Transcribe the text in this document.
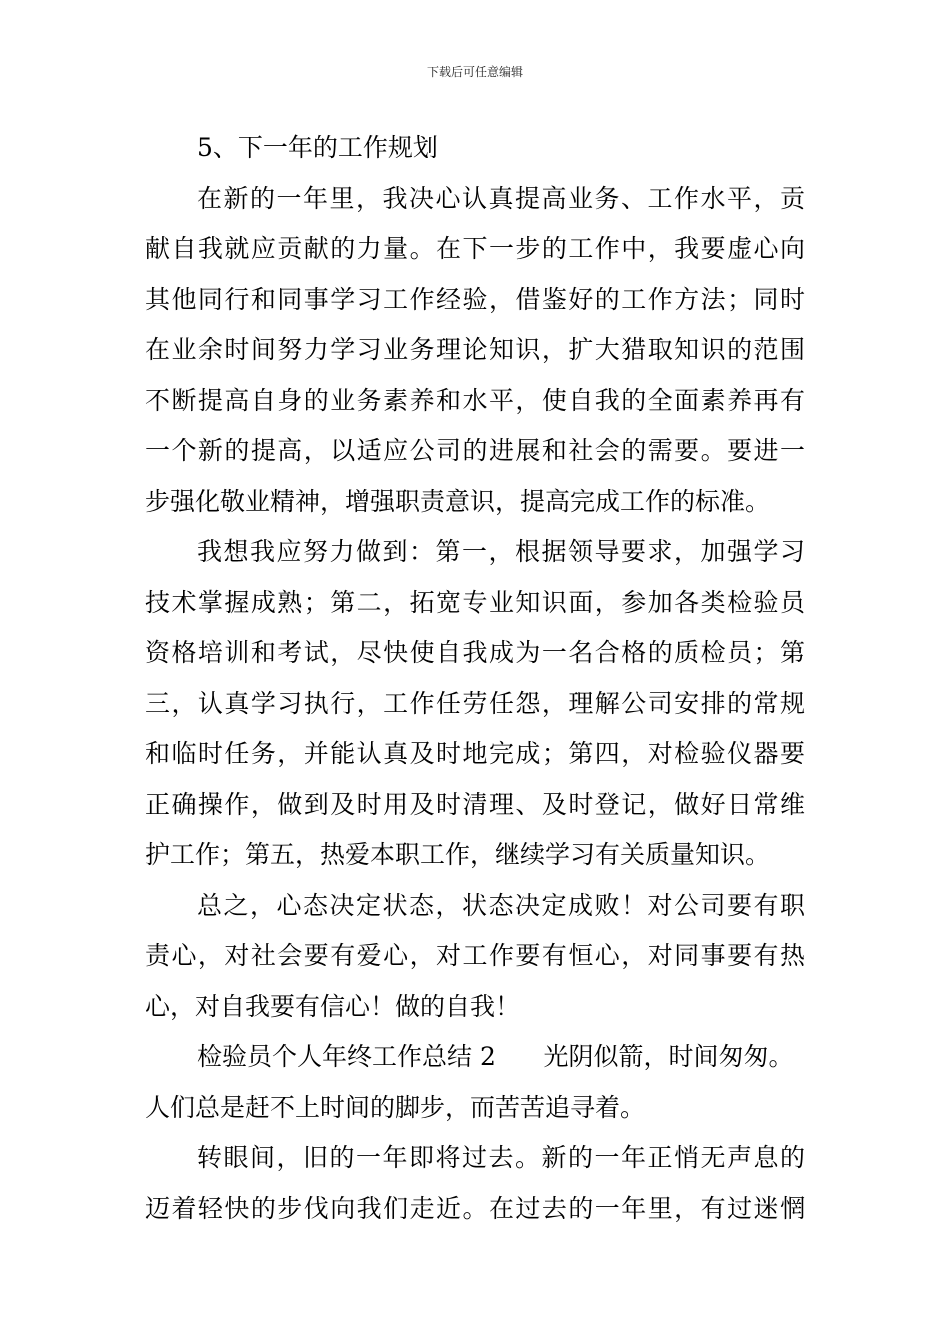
下载后可任意编辑
5、下一年的工作规划
在新的一年里，我决心认真提高业务、工作水平，贡
献自我就应贡献的力量。在下一步的工作中，我要虚心向
其他同行和同事学习工作经验，借鉴好的工作方法；同时
在业余时间努力学习业务理论知识，扩大猎取知识的范围
不断提高自身的业务素养和水平，使自我的全面素养再有
一个新的提高，以适应公司的进展和社会的需要。要进一
步强化敬业精神，增强职责意识，提高完成工作的标准。
我想我应努力做到：第一，根据领导要求，加强学习
技术掌握成熟；第二，拓宽专业知识面，参加各类检验员
资格培训和考试，尽快使自我成为一名合格的质检员；第
三，认真学习执行，工作任劳任怨，理解公司安排的常规
和临时任务，并能认真及时地完成；第四，对检验仪器要
正确操作，做到及时用及时清理、及时登记，做好日常维
护工作；第五，热爱本职工作，继续学习有关质量知识。
总之，心态决定状态，状态决定成败！对公司要有职
责心，对社会要有爱心，对工作要有恒心，对同事要有热
心，对自我要有信心！做的自我！
检验员个人年终工作总结 2      光阴似箭，时间匆匆。
人们总是赶不上时间的脚步，而苦苦追寻着。
转眼间，旧的一年即将过去。新的一年正悄无声息的
迈着轻快的步伐向我们走近。在过去的一年里，有过迷惘
